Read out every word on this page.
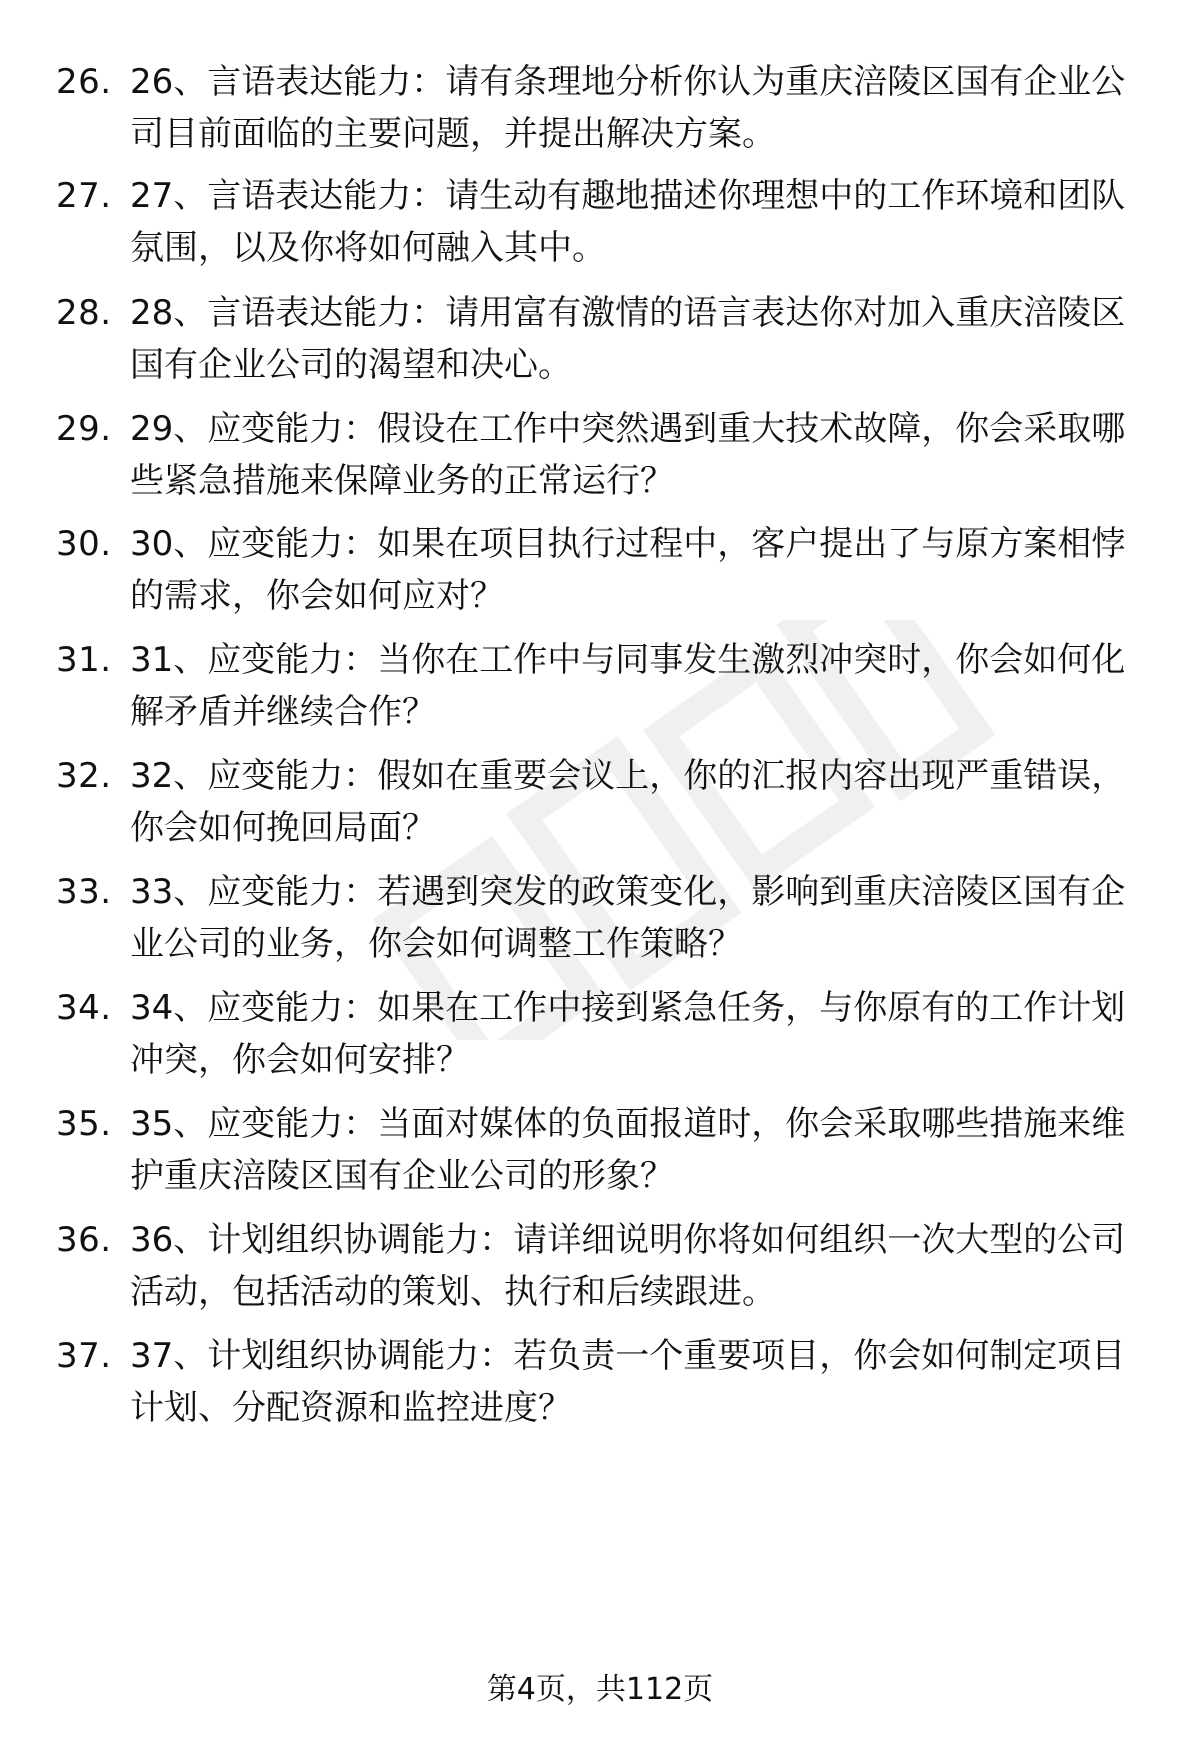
26. 26、言语表达能力：请有条理地分析你认为重庆涪陵区国有企业公司目前面临的主要问题，并提出解决方案。
27. 27、言语表达能力：请生动有趣地描述你理想中的工作环境和团队氛围，以及你将如何融入其中。
28. 28、言语表达能力：请用富有激情的语言表达你对加入重庆涪陵区国有企业公司的渴望和决心。
29. 29、应变能力：假设在工作中突然遇到重大技术故障，你会采取哪些紧急措施来保障业务的正常运行？
30. 30、应变能力：如果在项目执行过程中，客户提出了与原方案相悖的需求，你会如何应对？
31. 31、应变能力：当你在工作中与同事发生激烈冲突时，你会如何化解矛盾并继续合作？
32. 32、应变能力：假如在重要会议上，你的汇报内容出现严重错误，你会如何挽回局面？
33. 33、应变能力：若遇到突发的政策变化，影响到重庆涪陵区国有企业公司的业务，你会如何调整工作策略？
34. 34、应变能力：如果在工作中接到紧急任务，与你原有的工作计划冲突，你会如何安排？
35. 35、应变能力：当面对媒体的负面报道时，你会采取哪些措施来维护重庆涪陵区国有企业公司的形象？
36. 36、计划组织协调能力：请详细说明你将如何组织一次大型的公司活动，包括活动的策划、执行和后续跟进。
37. 37、计划组织协调能力：若负责一个重要项目，你会如何制定项目计划、分配资源和监控进度？
第4页，共112页
